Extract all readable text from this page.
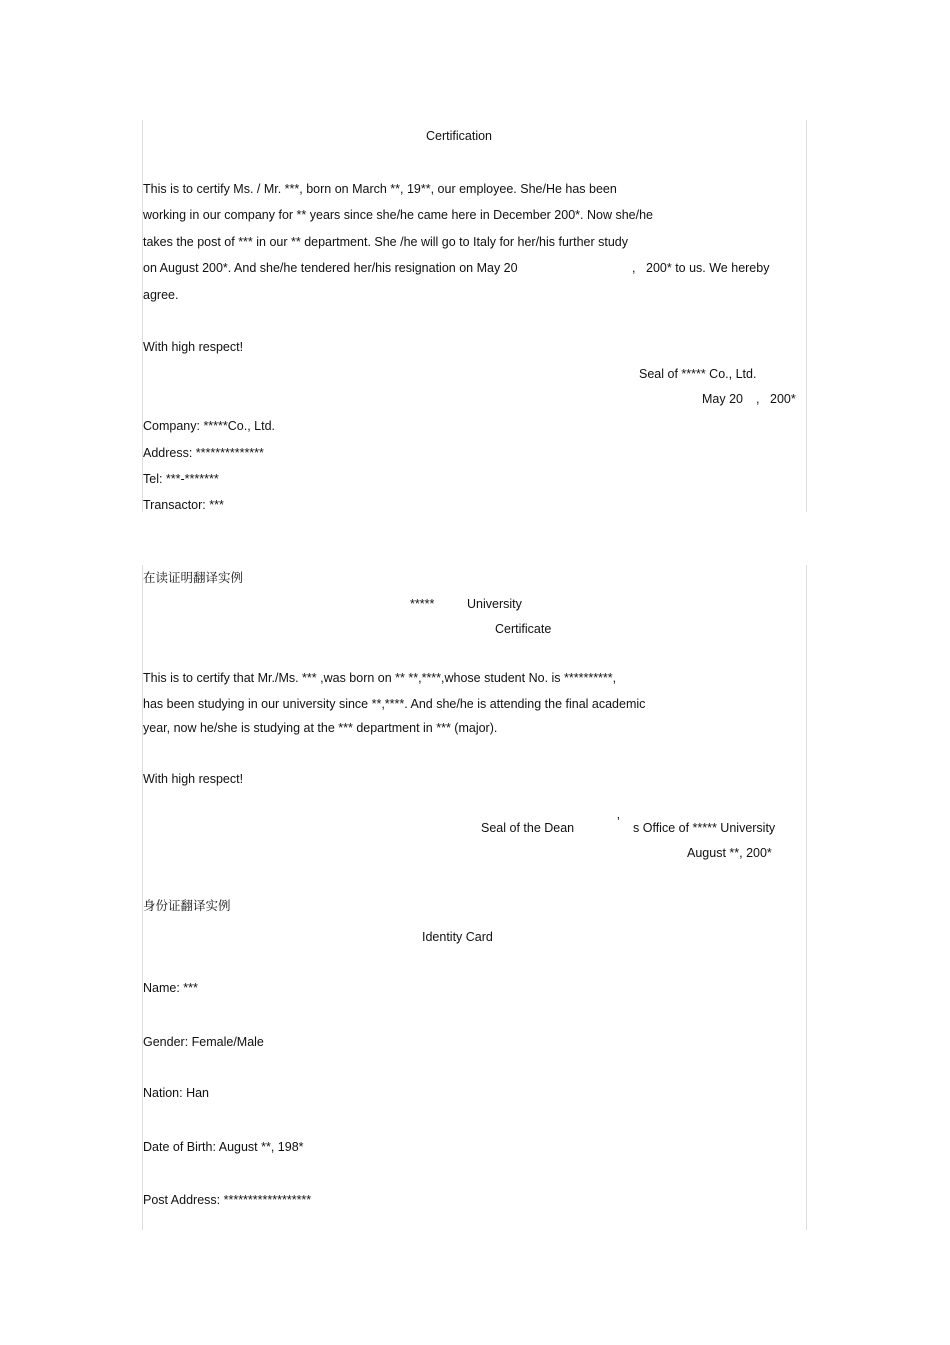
Certification
This is to certify Ms. / Mr. ***, born on March **, 19**, our employee. She/He has been
working in our company for ** years since she/he came here in December 200*. Now she/he
takes the post of *** in our ** department. She /he will go to Italy for her/his further study
on August 200*. And she/he tendered her/his resignation on May 20	, 200* to us. We hereby
agree.
With high respect!
Seal of ***** Co., Ltd.
May 20 , 200*
Company: *****Co., Ltd.
Address: **************
Tel: ***-*******
Transactor: ***
在读证明翻译实例
*****	University
Certificate
This is to certify that Mr./Ms. *** ,was born on ** **,****,whose student No. is **********,
has been studying in our university since **,****. And she/he is attending the final academic
year, now he/she is studying at the *** department in *** (major).
With high respect!
Seal of the Dean	’ s Office of ***** University
August **, 200*
身份证翻译实例
Identity Card
Name: ***
Gender: Female/Male
Nation: Han
Date of Birth: August **, 198*
Post Address: ******************
